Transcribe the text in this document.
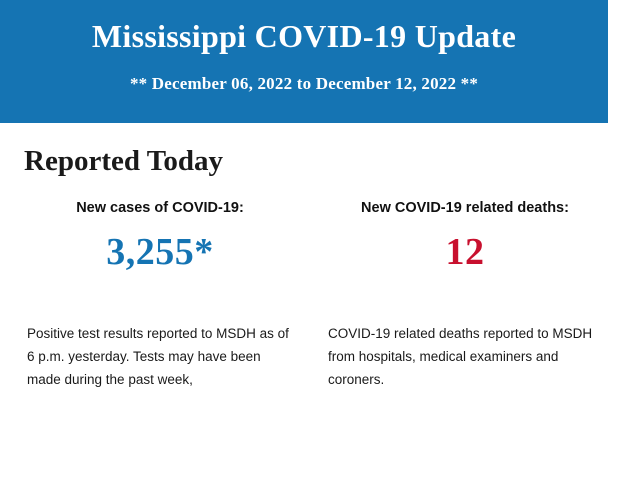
Mississippi COVID-19 Update

** December 06, 2022 to December 12, 2022 **

Reported Today

New cases of COVID-19:

3,255*

New COVID-19 related deaths:

12

Positive test results reported to MSDH as of 6 p.m. yesterday. Tests may have been made during the past week,
COVID-19 related deaths reported to MSDH from hospitals, medical examiners and coroners.
